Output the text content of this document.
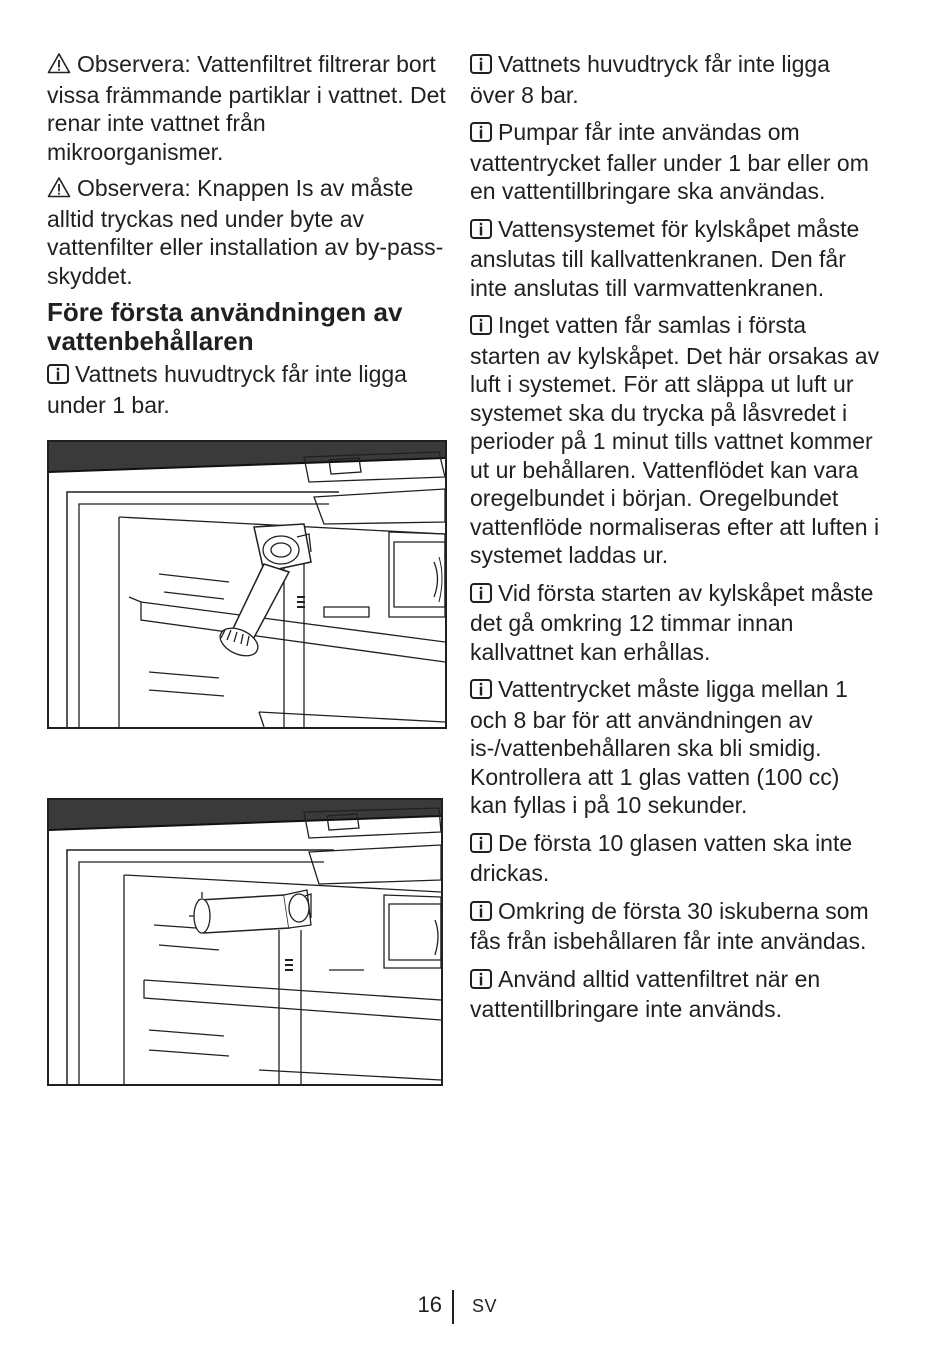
Observera: Vattenfiltret filtrerar bort vissa främmande partiklar i vattnet. Det renar inte vattnet från mikroorganismer.

Observera: Knappen Is av måste alltid tryckas ned under byte av vattenfilter eller installation av by-pass-skyddet.

Före första användningen av vattenbehållaren

Vattnets huvudtryck får inte ligga under 1 bar.

Vattnets huvudtryck får inte ligga över 8 bar.

Pumpar får inte användas om vattentrycket faller under 1 bar eller om en vattentillbringare ska användas.

Vattensystemet för kylskåpet måste anslutas till kallvattenkranen. Den får inte anslutas till varmvattenkranen.

Inget vatten får samlas i första starten av kylskåpet. Det här orsakas av luft i systemet. För att släppa ut luft ur systemet ska du trycka på låsvredet i perioder på 1 minut tills vattnet kommer ut ur behållaren. Vattenflödet kan vara oregelbundet i början. Oregelbundet vattenflöde normaliseras efter att luften i systemet laddas ur.

Vid första starten av kylskåpet måste det gå omkring 12 timmar innan kallvattnet kan erhållas.

Vattentrycket måste ligga mellan 1 och 8 bar för att användningen av is-/vattenbehållaren ska bli smidig. Kontrollera att 1 glas vatten (100 cc) kan fyllas i på 10 sekunder.

De första 10 glasen vatten ska inte drickas.

Omkring de första 30 iskuberna som fås från isbehållaren får inte användas.

Använd alltid vattenfiltret när en vattentillbringare inte används.

16 SV
